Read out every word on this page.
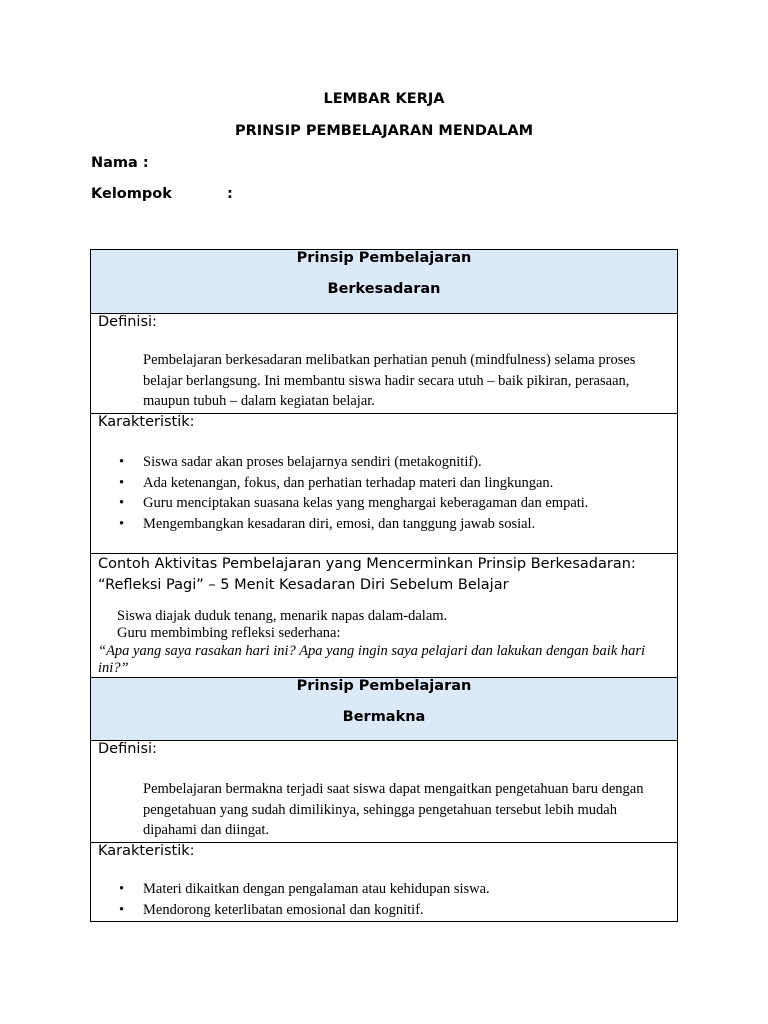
LEMBAR KERJA
PRINSIP PEMBELAJARAN MENDALAM
Nama :
Kelompok	:
Prinsip Pembelajaran
Berkesadaran
Definisi:
Pembelajaran berkesadaran melibatkan perhatian penuh (mindfulness) selama proses belajar berlangsung. Ini membantu siswa hadir secara utuh – baik pikiran, perasaan, maupun tubuh – dalam kegiatan belajar.
Karakteristik:
• Siswa sadar akan proses belajarnya sendiri (metakognitif).
• Ada ketenangan, fokus, dan perhatian terhadap materi dan lingkungan.
• Guru menciptakan suasana kelas yang menghargai keberagaman dan empati.
• Mengembangkan kesadaran diri, emosi, dan tanggung jawab sosial.
Contoh Aktivitas Pembelajaran yang Mencerminkan Prinsip Berkesadaran: “Refleksi Pagi” – 5 Menit Kesadaran Diri Sebelum Belajar
Siswa diajak duduk tenang, menarik napas dalam-dalam.
Guru membimbing refleksi sederhana:
“Apa yang saya rasakan hari ini? Apa yang ingin saya pelajari dan lakukan dengan baik hari ini?”
Prinsip Pembelajaran
Bermakna
Definisi:
Pembelajaran bermakna terjadi saat siswa dapat mengaitkan pengetahuan baru dengan pengetahuan yang sudah dimilikinya, sehingga pengetahuan tersebut lebih mudah dipahami dan diingat.
Karakteristik:
• Materi dikaitkan dengan pengalaman atau kehidupan siswa.
• Mendorong keterlibatan emosional dan kognitif.
